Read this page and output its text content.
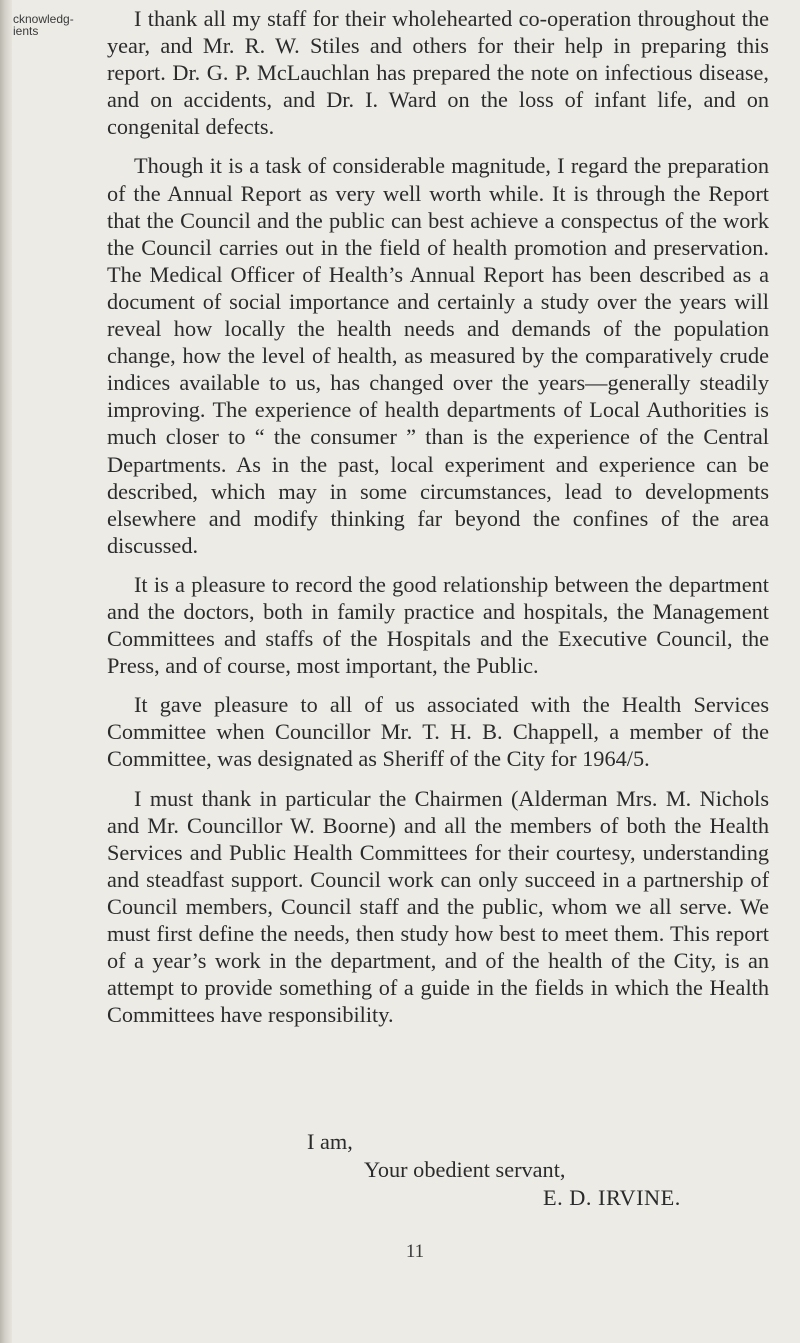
cknowledg-
ients	I thank all my staff for their wholehearted co-operation throughout the year, and Mr. R. W. Stiles and others for their help in preparing this report. Dr. G. P. McLauchlan has prepared the note on infectious disease, and on accidents, and Dr. I. Ward on the loss of infant life, and on congenital defects.

Though it is a task of considerable magnitude, I regard the preparation of the Annual Report as very well worth while. It is through the Report that the Council and the public can best achieve a conspectus of the work the Council carries out in the field of health promotion and preservation. The Medical Officer of Health’s Annual Report has been described as a document of social importance and certainly a study over the years will reveal how locally the health needs and demands of the population change, how the level of health, as measured by the comparatively crude indices available to us, has changed over the years—generally steadily improving. The experience of health departments of Local Authorities is much closer to “ the consumer ” than is the experience of the Central Departments. As in the past, local experiment and experience can be described, which may in some circumstances, lead to developments elsewhere and modify thinking far beyond the confines of the area discussed.

It is a pleasure to record the good relationship between the department and the doctors, both in family practice and hospitals, the Management Committees and staffs of the Hospitals and the Executive Council, the Press, and of course, most important, the Public.

It gave pleasure to all of us associated with the Health Services Committee when Councillor Mr. T. H. B. Chappell, a member of the Committee, was designated as Sheriff of the City for 1964/5.

I must thank in particular the Chairmen (Alderman Mrs. M. Nichols and Mr. Councillor W. Boorne) and all the members of both the Health Services and Public Health Committees for their courtesy, understanding and steadfast support. Council work can only succeed in a partnership of Council members, Council staff and the public, whom we all serve. We must first define the needs, then study how best to meet them. This report of a year’s work in the department, and of the health of the City, is an attempt to provide something of a guide in the fields in which the Health Committees have responsibility.

I am,
Your obedient servant,
E. D. IRVINE.
11
